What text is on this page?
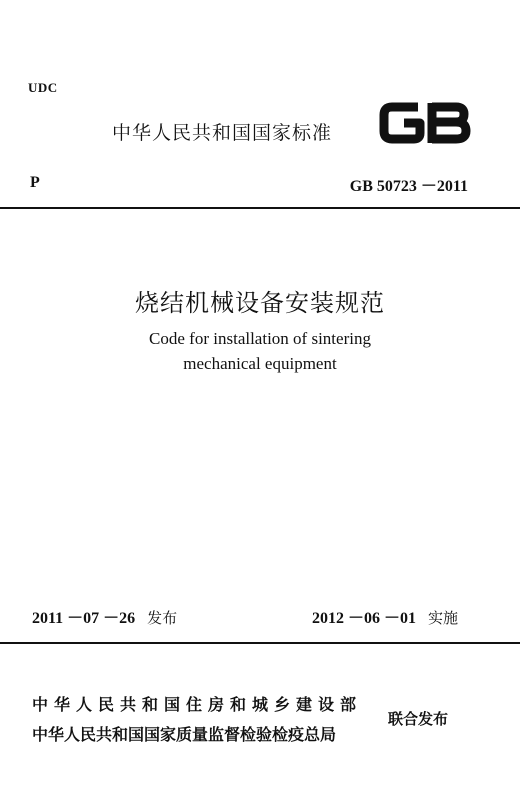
UDC
中华人民共和国国家标准
P	GB 50723 －2011
烧结机械设备安装规范
Code for installation of sintering
mechanical equipment
2011 －07 －26 发布	2012 －06 －01 实施
中华人民共和国住房和城乡建设部
中华人民共和国国家质量监督检验检疫总局
联合发布
